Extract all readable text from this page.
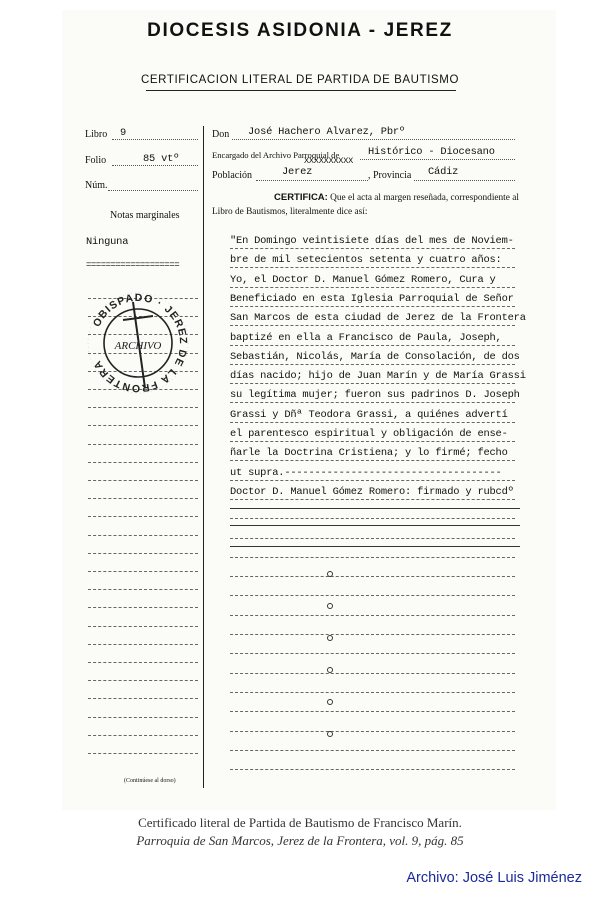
DIOCESIS ASIDONIA - JEREZ
CERTIFICACION LITERAL DE PARTIDA DE BAUTISMO
Libro 9
Folio	85 vtº
Núm.
Notas marginales
Ninguna
===================
OBISPADO · JEREZ DE LA FRONTERA
ARCHIVO
(Continúese al dorso)
Don José Hachero Alvarez, Pbrº
Encargado del Archivo Parroquial de
XXXXXXXXXX
Histórico - Diocesano
Población	Jerez	, Provincia Cádiz
CERTIFICA: Que el acta al margen reseñada, correspondiente al
Libro de Bautismos, literalmente dice así:
"En Domingo veintisiete días del mes de Noviem-
bre de mil setecientos setenta y cuatro años:
Yo, el Doctor D. Manuel Gómez Romero, Cura y
Beneficiado en esta Iglesia Parroquial de Señor
San Marcos de esta ciudad de Jerez de la Frontera
baptizé en ella a Francisco de Paula, Joseph,
Sebastián, Nicolás, María de Consolación, de dos
días nacido; hijo de Juan Marín y de María Grassi
su legítima mujer; fueron sus padrinos D. Joseph
Grassi y Dñª Teodora Grassi, a quiénes advertí
el parentesco espiritual y obligación de ense-
ñarle la Doctrina Cristiena; y lo firmé; fecho
ut supra.------------------------------------
Doctor D. Manuel Gómez Romero: firmado y rubcdº
Certificado literal de Partida de Bautismo de Francisco Marín.
Parroquia de San Marcos, Jerez de la Frontera, vol. 9, pág. 85
Archivo: José Luis Jiménez
